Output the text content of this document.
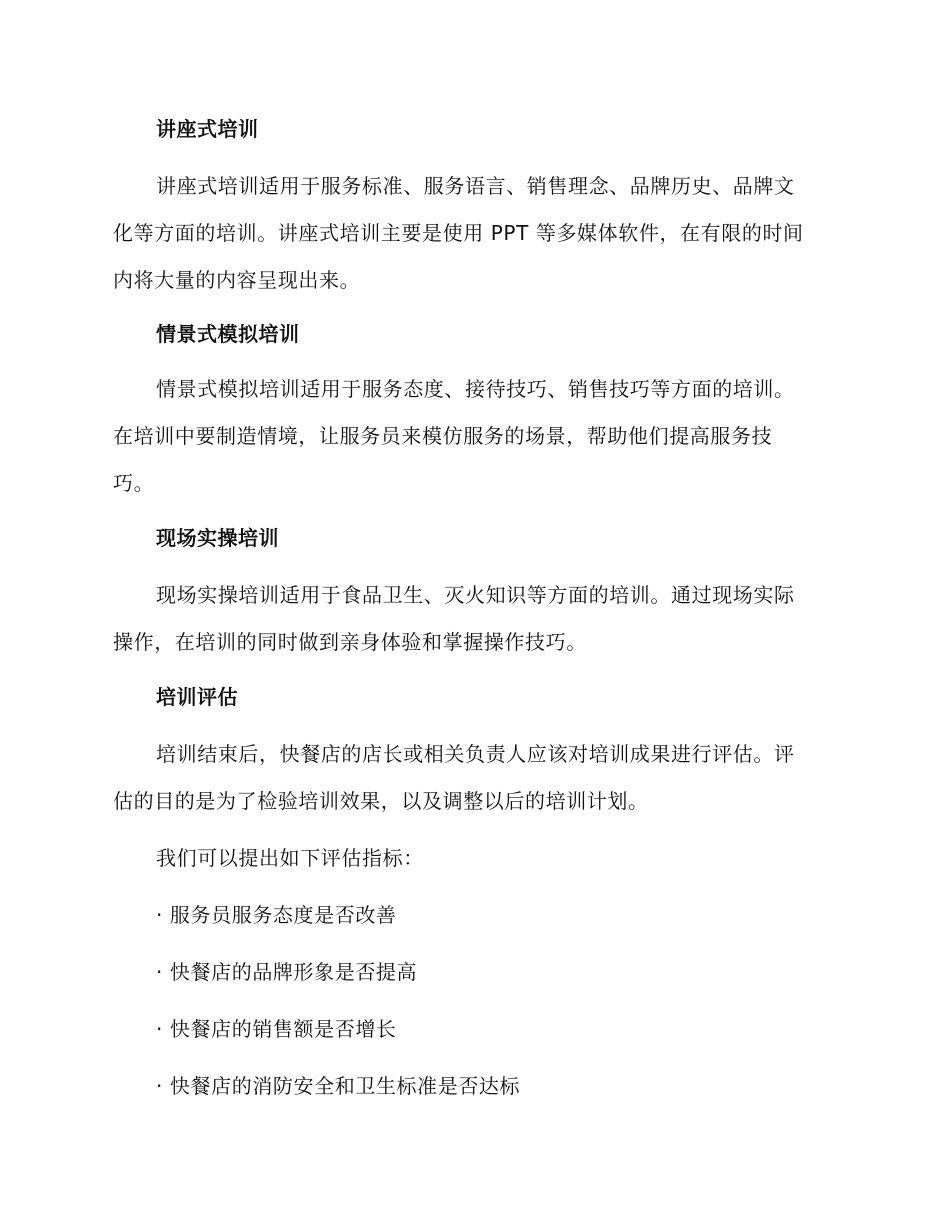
讲座式培训
讲座式培训适用于服务标准、服务语言、销售理念、品牌历史、品牌文
化等方面的培训。讲座式培训主要是使用 PPT 等多媒体软件，在有限的时间
内将大量的内容呈现出来。
情景式模拟培训
情景式模拟培训适用于服务态度、接待技巧、销售技巧等方面的培训。
在培训中要制造情境，让服务员来模仿服务的场景，帮助他们提高服务技
巧。
现场实操培训
现场实操培训适用于食品卫生、灭火知识等方面的培训。通过现场实际
操作，在培训的同时做到亲身体验和掌握操作技巧。
培训评估
培训结束后，快餐店的店长或相关负责人应该对培训成果进行评估。评
估的目的是为了检验培训效果，以及调整以后的培训计划。
我们可以提出如下评估指标：
· 服务员服务态度是否改善
· 快餐店的品牌形象是否提高
· 快餐店的销售额是否增长
· 快餐店的消防安全和卫生标准是否达标
